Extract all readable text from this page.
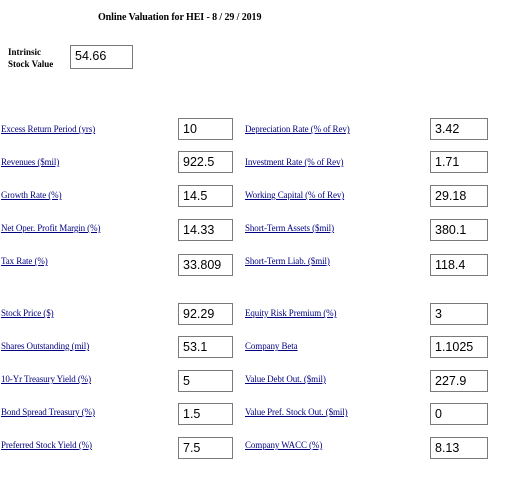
Online Valuation for HEI - 8 / 29 / 2019
Intrinsic Stock Value
54.66
Excess Return Period (yrs)	10	Depreciation Rate (% of Rev)	3.42
Revenues ($mil)	922.5	Investment Rate (% of Rev)	1.71
Growth Rate (%)	14.5	Working Capital (% of Rev)	29.18
Net Oper. Profit Margin (%)	14.33	Short-Term Assets ($mil)	380.1
Tax Rate (%)	33.809	Short-Term Liab. ($mil)	118.4
Stock Price ($)	92.29	Equity Risk Premium (%)	3
Shares Outstanding (mil)	53.1	Company Beta	1.1025
10-Yr Treasury Yield (%)	5	Value Debt Out. ($mil)	227.9
Bond Spread Treasury (%)	1.5	Value Pref. Stock Out. ($mil)	0
Preferred Stock Yield (%)	7.5	Company WACC (%)	8.13
